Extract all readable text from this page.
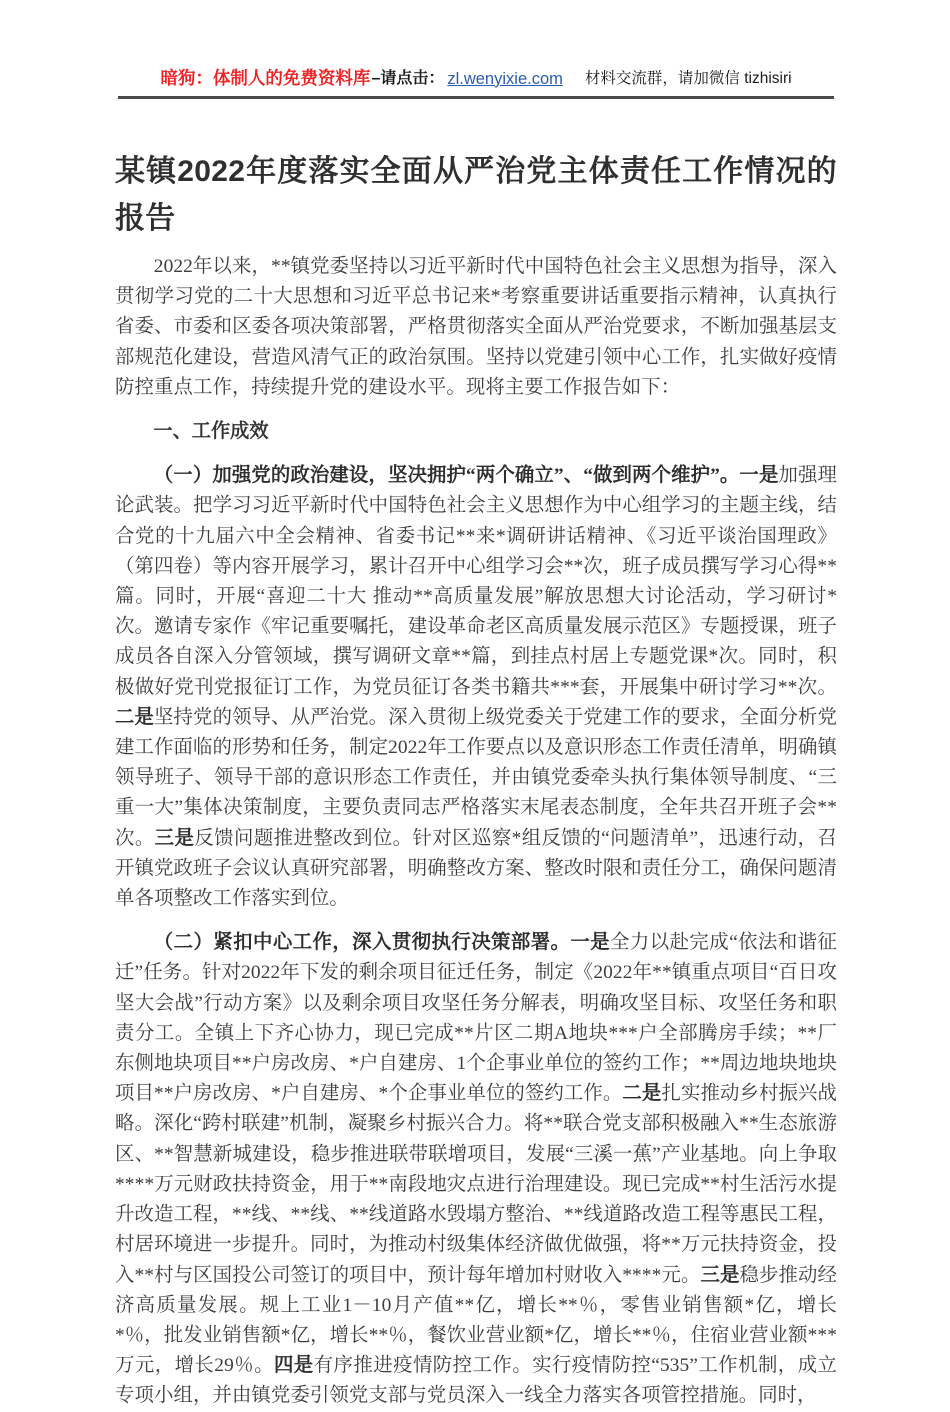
暗狗：体制人的免费资料库 –请点击： zl.wenyixie.com 材料交流群，请加微信 tizhisiri
某镇2022年度落实全面从严治党主体责任工作情况的报告

2022年以来，**镇党委坚持以习近平新时代中国特色社会主义思想为指导，深入贯彻学习党的二十大思想和习近平总书记来*考察重要讲话重要指示精神，认真执行省委、市委和区委各项决策部署，严格贯彻落实全面从严治党要求，不断加强基层支部规范化建设，营造风清气正的政治氛围。坚持以党建引领中心工作，扎实做好疫情防控重点工作，持续提升党的建设水平。现将主要工作报告如下：

一、工作成效

（一）加强党的政治建设，坚决拥护“两个确立”、“做到两个维护”。一是加强理论武装。把学习习近平新时代中国特色社会主义思想作为中心组学习的主题主线，结合党的十九届六中全会精神、省委书记**来*调研讲话精神、《习近平谈治国理政》（第四卷）等内容开展学习，累计召开中心组学习会**次，班子成员撰写学习心得**篇。同时，开展“喜迎二十大 推动**高质量发展”解放思想大讨论活动，学习研讨*次。邀请专家作《牢记重要嘱托，建设革命老区高质量发展示范区》专题授课，班子成员各自深入分管领域，撰写调研文章**篇，到挂点村居上专题党课*次。同时，积极做好党刊党报征订工作，为党员征订各类书籍共***套，开展集中研讨学习**次。二是坚持党的领导、从严治党。深入贯彻上级党委关于党建工作的要求，全面分析党建工作面临的形势和任务，制定2022年工作要点以及意识形态工作责任清单，明确镇领导班子、领导干部的意识形态工作责任，并由镇党委牵头执行集体领导制度、“三重一大”集体决策制度，主要负责同志严格落实末尾表态制度，全年共召开班子会**次。三是反馈问题推进整改到位。针对区巡察*组反馈的“问题清单”，迅速行动，召开镇党政班子会议认真研究部署，明确整改方案、整改时限和责任分工，确保问题清单各项整改工作落实到位。

（二）紧扣中心工作，深入贯彻执行决策部署。一是全力以赴完成“依法和谐征迁”任务。针对2022年下发的剩余项目征迁任务，制定《2022年**镇重点项目“百日攻坚大会战”行动方案》以及剩余项目攻坚任务分解表，明确攻坚目标、攻坚任务和职责分工。全镇上下齐心协力，现已完成**片区二期A地块***户全部腾房手续；**厂东侧地块项目**户房改房、*户自建房、1个企事业单位的签约工作；**周边地块地块项目**户房改房、*户自建房、*个企事业单位的签约工作。二是扎实推动乡村振兴战略。深化“跨村联建”机制，凝聚乡村振兴合力。将**联合党支部积极融入**生态旅游区、**智慧新城建设，稳步推进联带联增项目，发展“三溪一蕉”产业基地。向上争取****万元财政扶持资金，用于**南段地灾点进行治理建设。现已完成**村生活污水提升改造工程，**线、**线、**线道路水毁塌方整治、**线道路改造工程等惠民工程，村居环境进一步提升。同时，为推动村级集体经济做优做强，将**万元扶持资金，投入**村与区国投公司签订的项目中，预计每年增加村财收入****元。三是稳步推动经济高质量发展。规上工业1－10月产值**亿，增长**％，零售业销售额*亿，增长*％，批发业销售额*亿，增长**％，餐饮业营业额*亿，增长**％，住宿业营业额***万元，增长29％。四是有序推进疫情防控工作。实行疫情防控“535”工作机制，成立专项小组，并由镇党委引领党支部与党员深入一线全力落实各项管控措施。同时，
